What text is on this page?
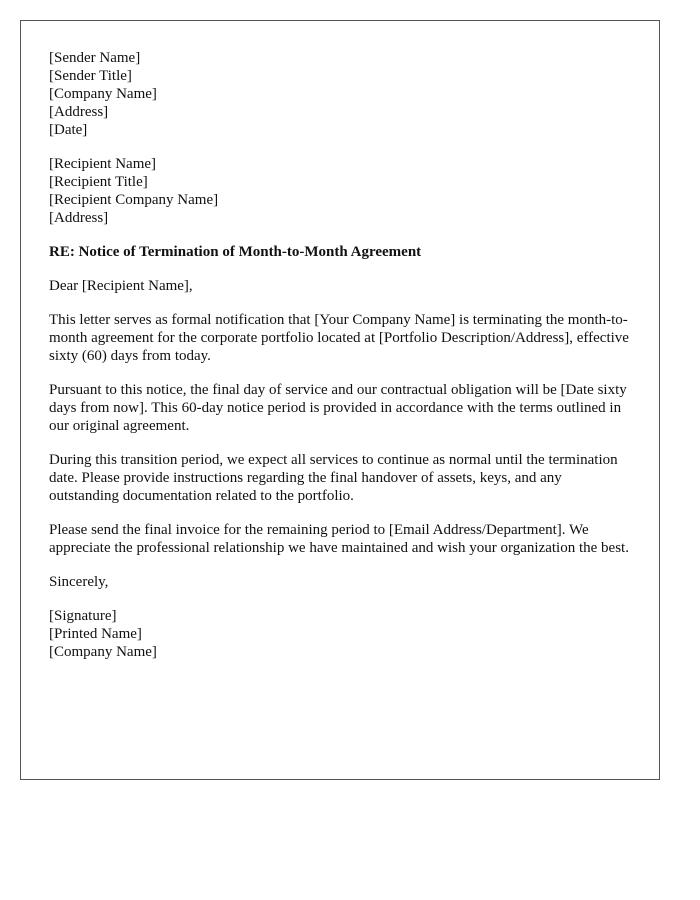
[Sender Name]
[Sender Title]
[Company Name]
[Address]
[Date]
[Recipient Name]
[Recipient Title]
[Recipient Company Name]
[Address]
RE: Notice of Termination of Month-to-Month Agreement

Dear [Recipient Name],

This letter serves as formal notification that [Your Company Name] is terminating the month-to-month agreement for the corporate portfolio located at [Portfolio Description/Address], effective sixty (60) days from today.

Pursuant to this notice, the final day of service and our contractual obligation will be [Date sixty days from now]. This 60-day notice period is provided in accordance with the terms outlined in our original agreement.

During this transition period, we expect all services to continue as normal until the termination date. Please provide instructions regarding the final handover of assets, keys, and any outstanding documentation related to the portfolio.

Please send the final invoice for the remaining period to [Email Address/Department]. We appreciate the professional relationship we have maintained and wish your organization the best.

Sincerely,

[Signature]
[Printed Name]
[Company Name]
